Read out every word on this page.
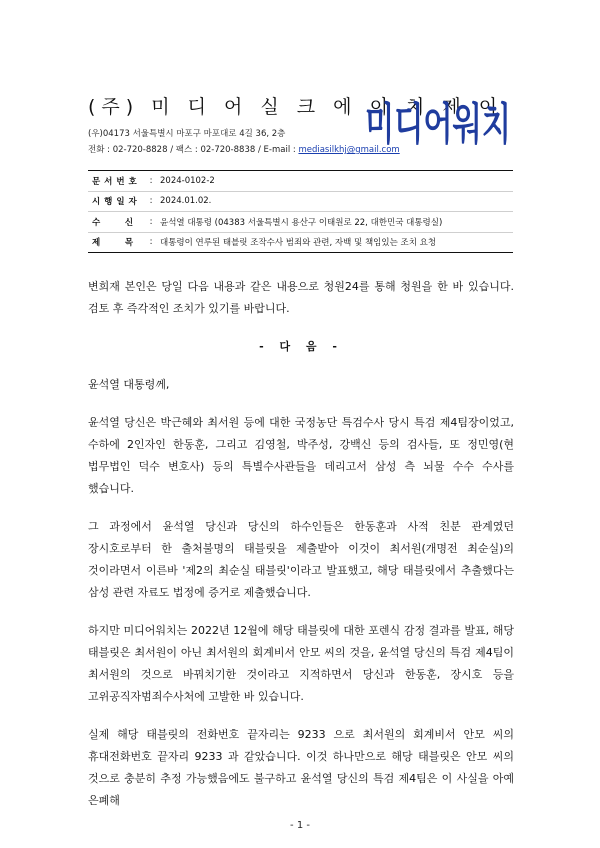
(주) 미 디 어 실 크 에 이 치 제 이
(우)04173 서울특별시 마포구 마포대로 4길 36, 2층
전화 : 02-720-8828 / 팩스 : 02-720-8838 / E-mail : mediasilkhj@gmail.com
미디어워치
문 서 번 호	: 2024-0102-2
시 행 일 자	: 2024.01.02.
수       신	: 윤석열 대통령 (04383 서울특별시 용산구 이태원로 22, 대한민국 대통령실)
제       목	: 대통령이 연루된 태블릿 조작수사 범죄와 관련, 자백 및 책임있는 조치 요청

변희재 본인은 당일 다음 내용과 같은 내용으로 청원24를 통해 청원을 한 바 있습니다. 검토 후 즉각적인 조치가 있기를 바랍니다.

- 다 음 -
윤석열 대통령께,

윤석열 당신은 박근혜와 최서원 등에 대한 국정농단 특검수사 당시 특검 제4팀장이었고, 수하에 2인자인 한동훈, 그리고 김영철, 박주성, 강백신 등의 검사들, 또 정민영(현 법무법인 덕수 변호사) 등의 특별수사관들을 데리고서 삼성 측 뇌물 수수 수사를 했습니다.

그 과정에서 윤석열 당신과 당신의 하수인들은 한동훈과 사적 친분 관계였던 장시호로부터 한 출처불명의 태블릿을 제출받아 이것이 최서원(개명전 최순실)의 것이라면서 이른바 '제2의 최순실 태블릿'이라고 발표했고, 해당 태블릿에서 추출했다는 삼성 관련 자료도 법정에 증거로 제출했습니다.

하지만 미디어워치는 2022년 12월에 해당 태블릿에 대한 포렌식 감정 결과를 발표, 해당 태블릿은 최서원이 아닌 최서원의 회계비서 안모 씨의 것을, 윤석열 당신의 특검 제4팀이 최서원의 것으로 바꿔치기한 것이라고 지적하면서 당신과 한동훈, 장시호 등을 고위공직자범죄수사처에 고발한 바 있습니다.

실제 해당 태블릿의 전화번호 끝자리는 9233 으로 최서원의 회계비서 안모 씨의 휴대전화번호 끝자리 9233 과 같았습니다. 이것 하나만으로 해당 태블릿은 안모 씨의 것으로 충분히 추정 가능했음에도 불구하고 윤석열 당신의 특검 제4팀은 이 사실을 아예 은폐해

- 1 -
